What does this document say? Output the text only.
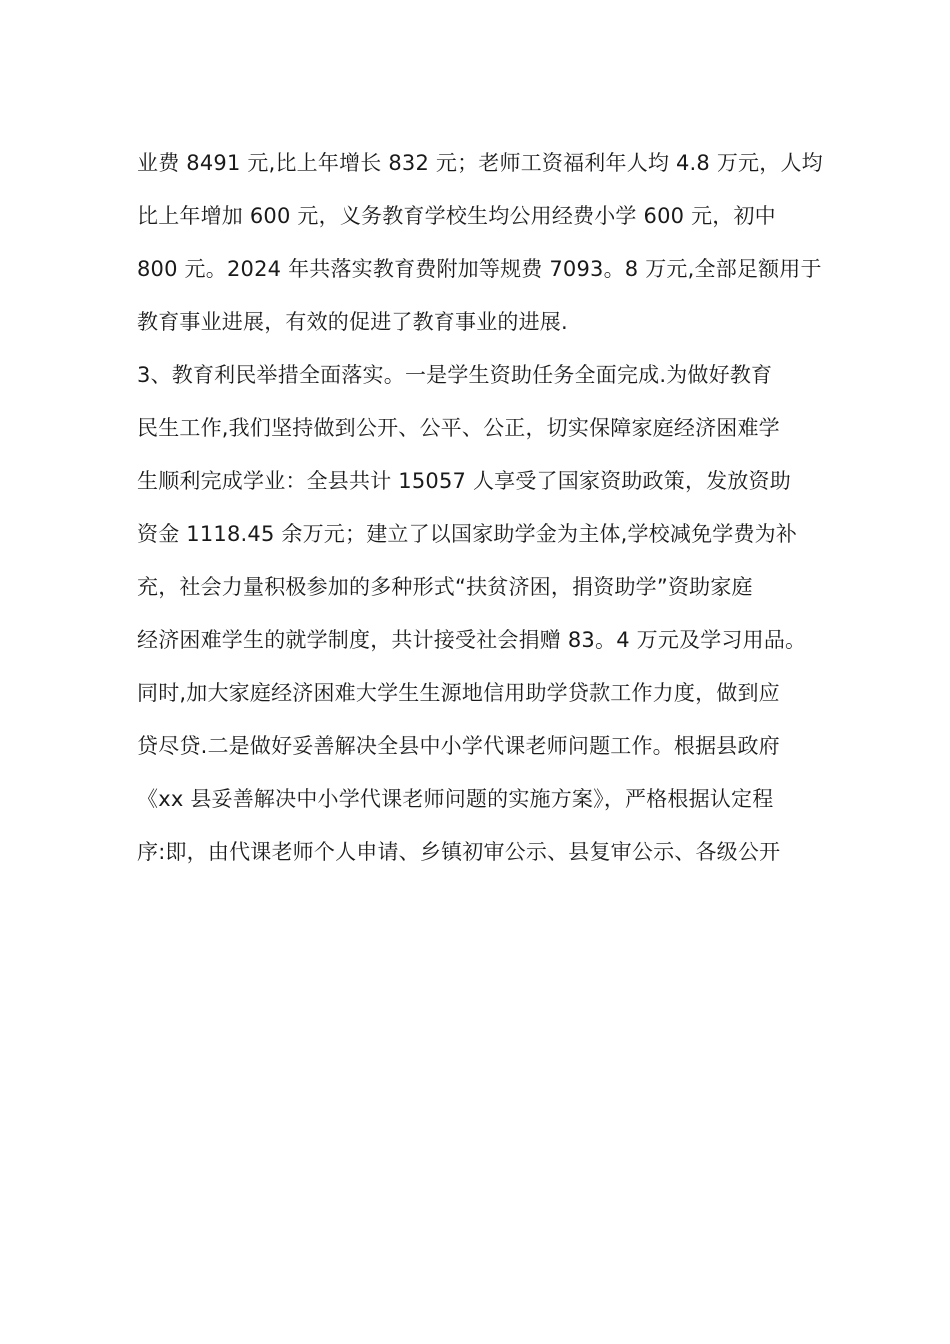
业费 8491 元,比上年增长 832 元；老师工资福利年人均 4.8 万元，人均
比上年增加 600 元，义务教育学校生均公用经费小学 600 元，初中
800 元。2024 年共落实教育费附加等规费 7093。8 万元,全部足额用于
教育事业进展，有效的促进了教育事业的进展.
3、教育利民举措全面落实。一是学生资助任务全面完成.为做好教育
民生工作,我们坚持做到公开、公平、公正，切实保障家庭经济困难学
生顺利完成学业：全县共计 15057 人享受了国家资助政策，发放资助
资金 1118.45 余万元；建立了以国家助学金为主体,学校减免学费为补
充，社会力量积极参加的多种形式“扶贫济困，捐资助学”资助家庭
经济困难学生的就学制度，共计接受社会捐赠 83。4 万元及学习用品。
同时,加大家庭经济困难大学生生源地信用助学贷款工作力度，做到应
贷尽贷.二是做好妥善解决全县中小学代课老师问题工作。根据县政府
《xx 县妥善解决中小学代课老师问题的实施方案》，严格根据认定程
序:即，由代课老师个人申请、乡镇初审公示、县复审公示、各级公开
